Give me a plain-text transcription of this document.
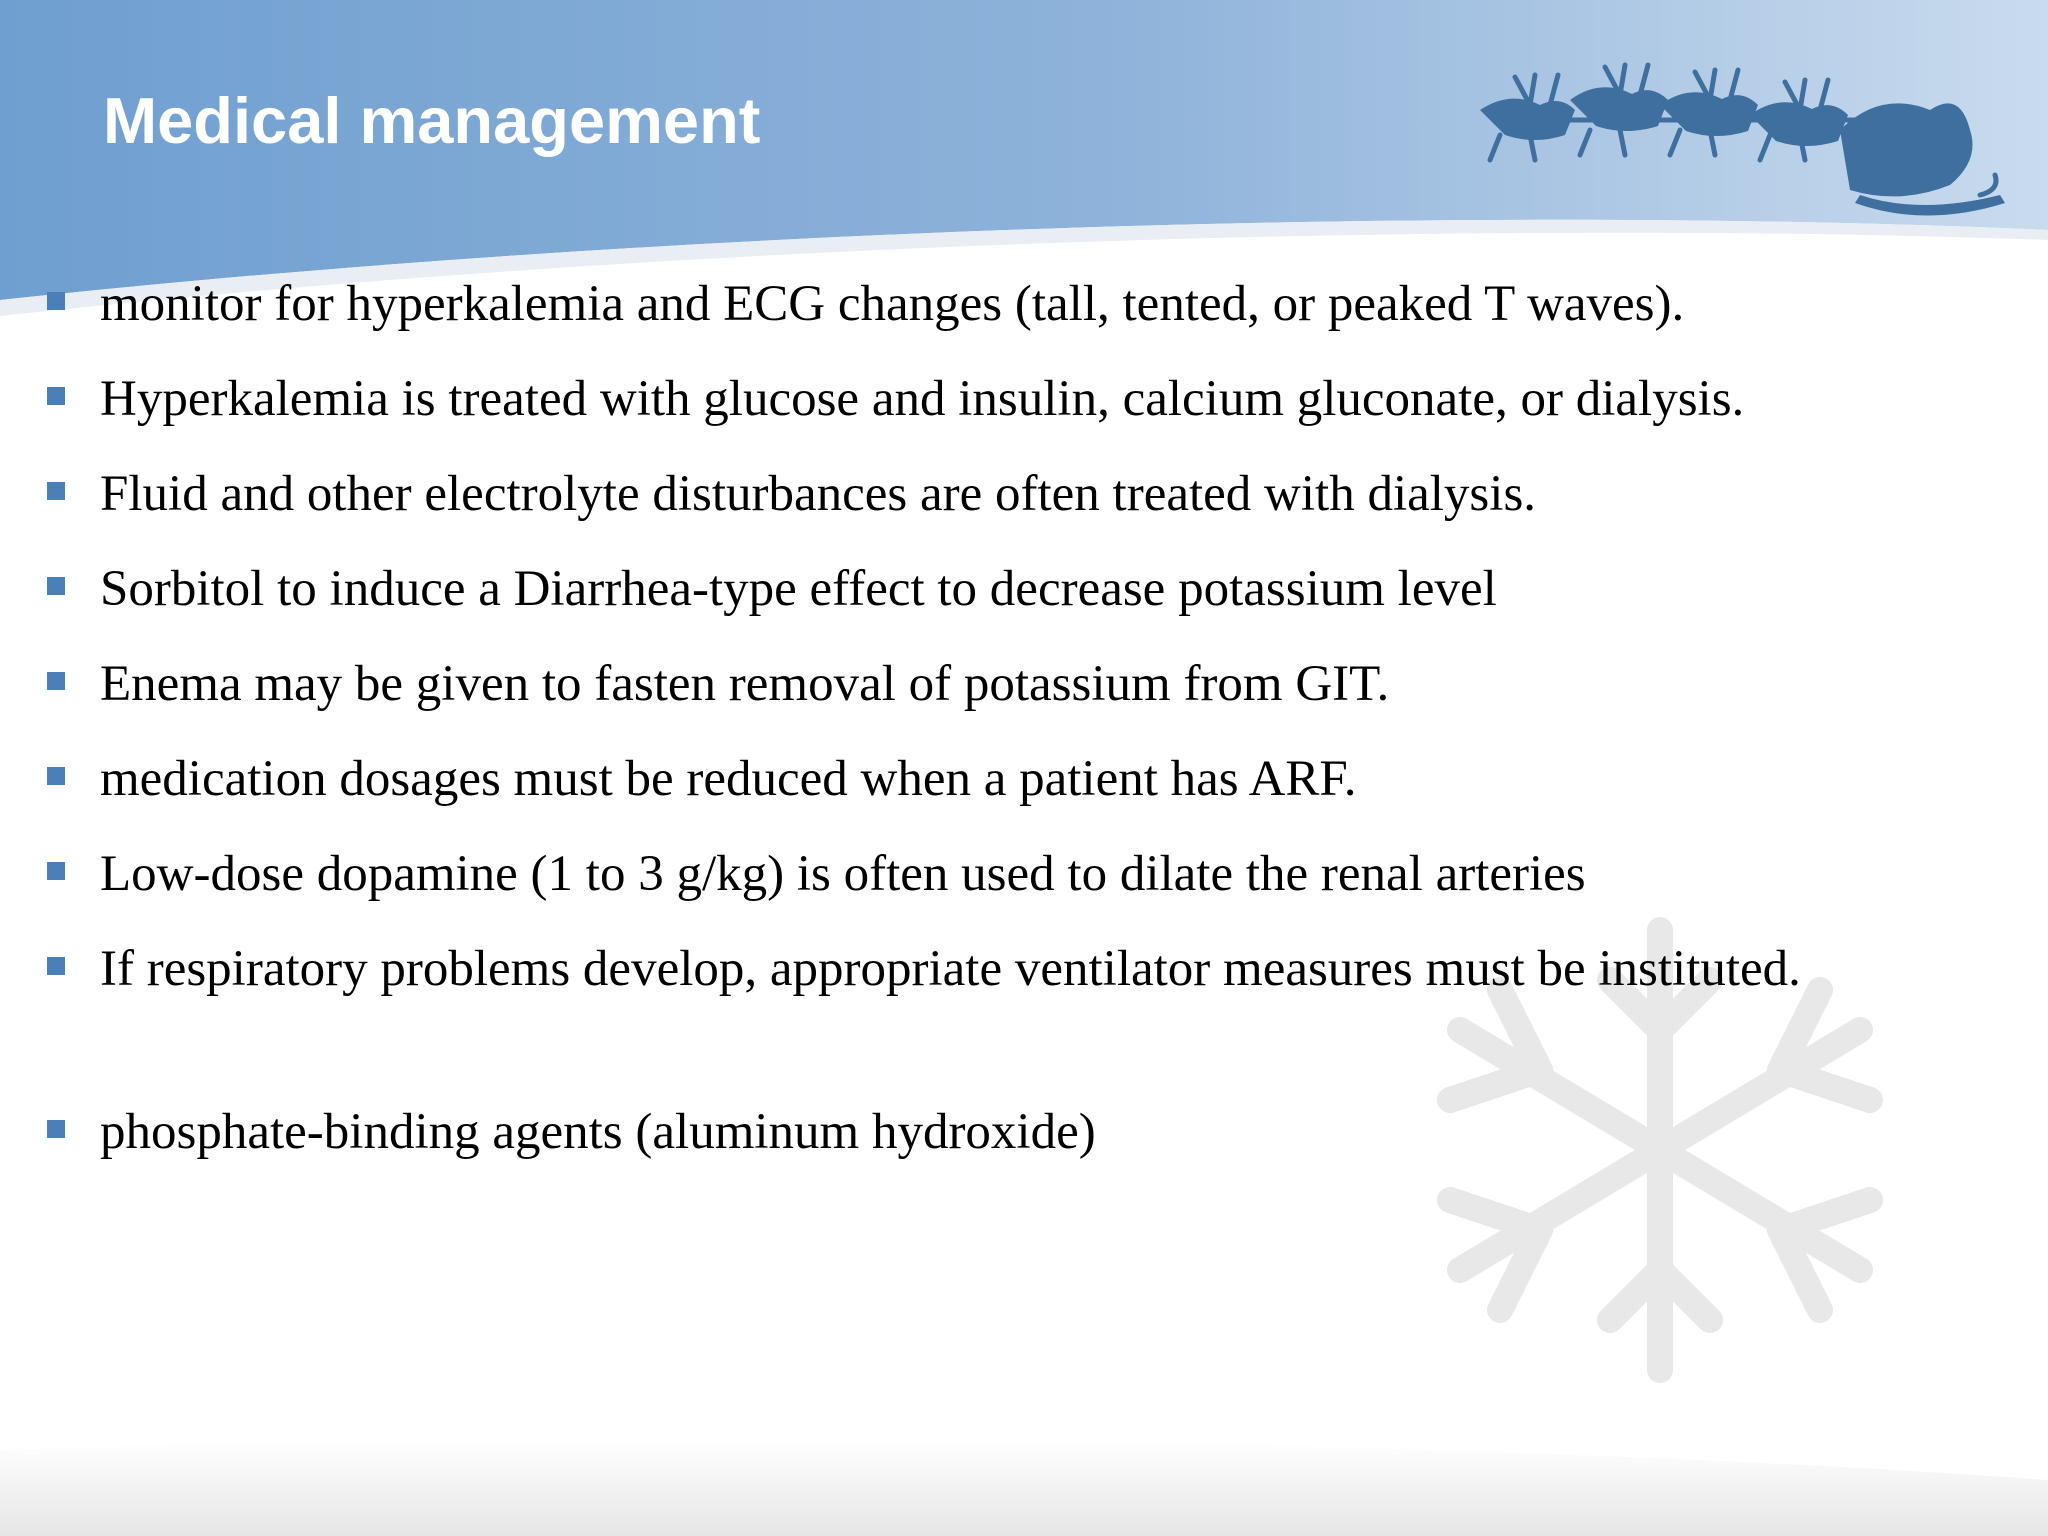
Medical management
monitor for hyperkalemia and ECG changes (tall, tented, or peaked T waves).
Hyperkalemia is treated with glucose and insulin, calcium gluconate, or dialysis.
Fluid and other electrolyte disturbances are often treated with dialysis.
Sorbitol to induce a Diarrhea-type effect to decrease potassium level
Enema may be given to fasten removal of potassium from GIT.
medication dosages must be reduced when a patient has ARF.
Low-dose dopamine (1 to 3 g/kg) is often used to dilate the renal arteries
If respiratory problems develop, appropriate ventilator measures must be instituted.
phosphate-binding agents (aluminum hydroxide)
